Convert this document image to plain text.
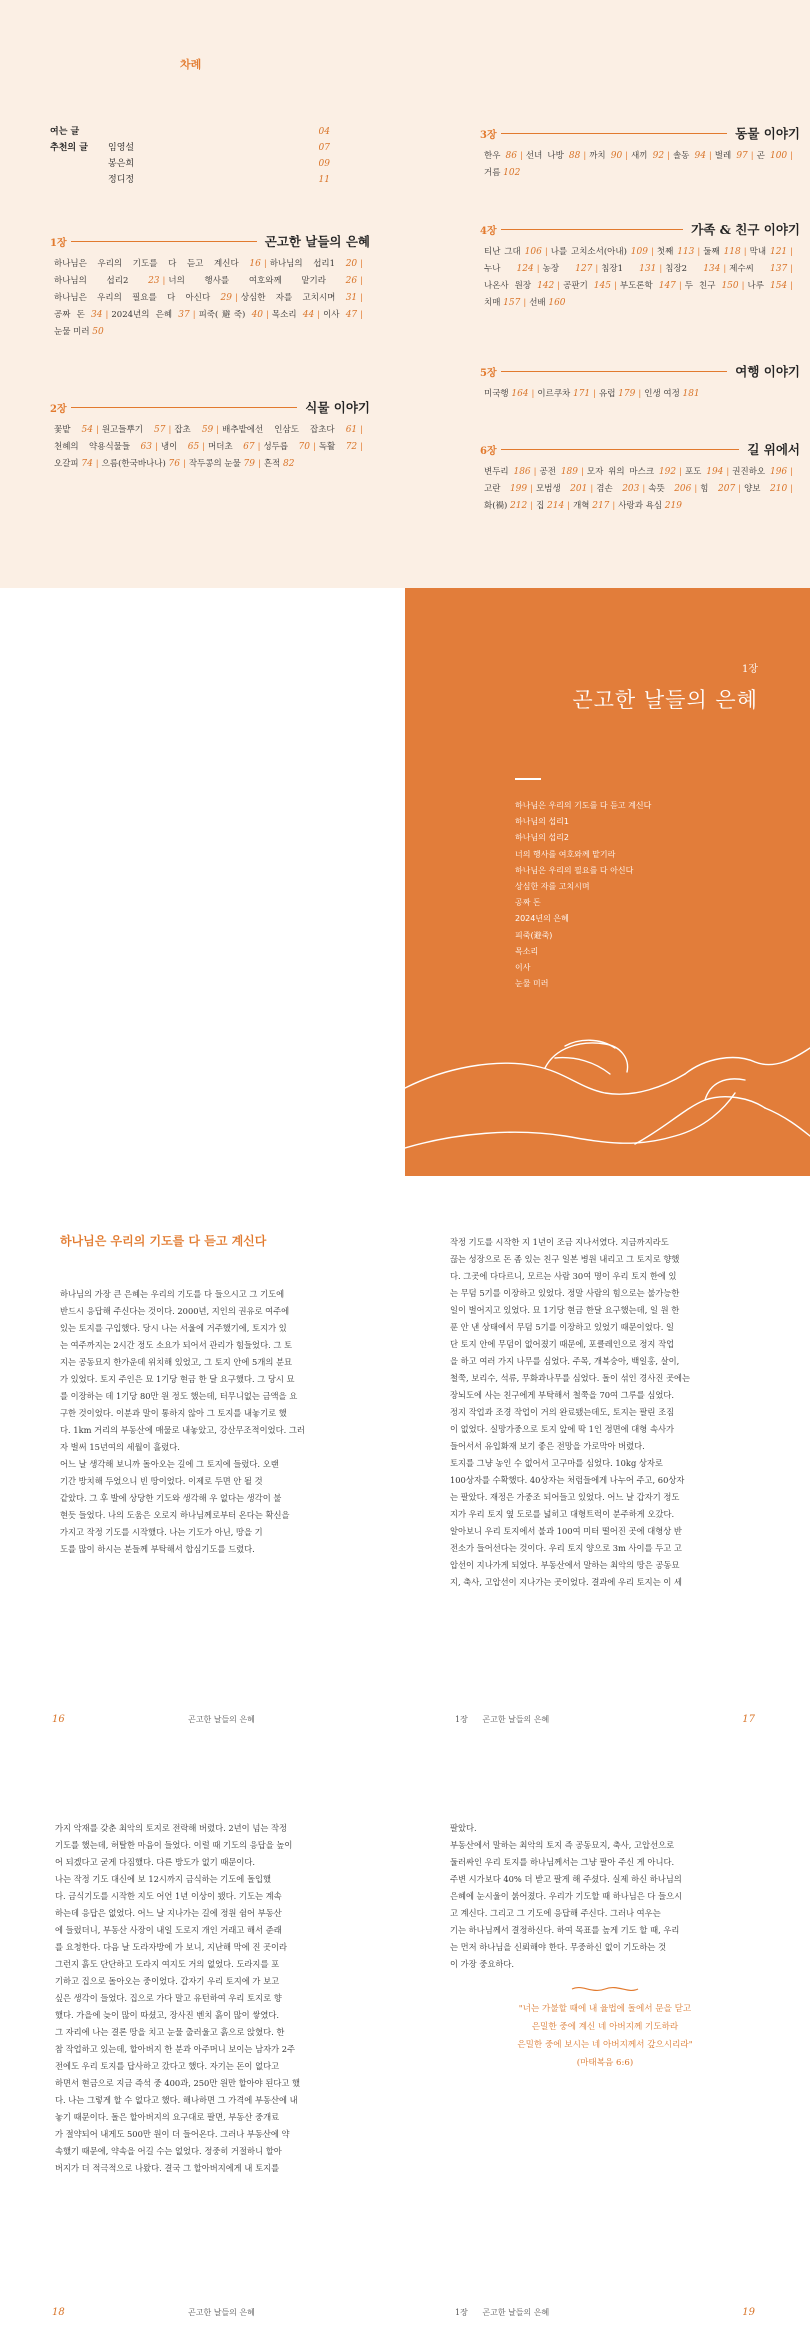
차례
여는 글	04
추천의 글 임영설	07
봉은희	09
정디정	11
1장	곤고한 날들의 은혜
하나님은 우리의 기도를 다 듣고 계신다 16 | 하나님의 섭리1 20 |하나님의 섭리2 23 | 너의 행사를 여호와께 맡기라 26 |하나님은 우리의 필요를 다 아신다 29 | 상심한 자를 고치시며 31 |공짜 돈 34 | 2024년의 은혜 37 | 피죽(避죽) 40 | 목소리 44 | 이사 47 |눈물 미러 50
2장	식물 이야기
꽃밭 54 | 원고들뿌기 57 | 잡초 59 | 배추밭에선 인삼도 잡초다 61 |천혜의 약용식물들 63 | 냉이 65 | 머더초 67 | 성두릅 70 | 독활 72 |오갈피 74 | 으름(한국바나나) 76 | 작두콩의 눈물 79 | 흔적 82
3장	동물 이야기
한우 86 | 선녀 나방 88 | 까치 90 | 새끼 92 | 솔동 94 | 벌레 97 | 곤 100 |거름 102
4장	가족 & 친구 이야기
티난 그대 106 | 나를 고치소서(아내) 109 | 첫째 113 | 둘째 118 | 막내 121 |누나 124 | 농장 127 | 침장1 131 | 침장2 134 | 제수씨 137 |나온사 원장 142 | 공판기 145 | 부도론학 147 | 두 친구 150 | 나루 154 |치매 157 | 선배 160
5장	여행 이야기
미국행 164 | 이르쿠차 171 | 유럽 179 | 인생 여정 181
6장	길 위에서
변두리 186 | 공전 189 | 모자 위의 마스크 192 | 포도 194 | 권진하오 196 |고란 199 | 모범생 201 | 겸손 203 | 속뜻 206 | 힘 207 | 양보 210 |화(禍) 212 | 집 214 | 개혁 217 | 사랑과 욕심 219
1장
곤고한 날들의 은혜
하나님은 우리의 기도를 다 듣고 계신다
하나님의 섭리1
하나님의 섭리2
너의 행사를 여호와께 맡기라
하나님은 우리의 필요를 다 아신다
상심한 자를 고치시며
공짜 돈
2024년의 은혜
피죽(避죽)
목소리
이사
눈물 미러
하나님은 우리의 기도를 다 듣고 계신다
하나님의 가장 큰 은혜는 우리의 기도를 다 들으시고 그 기도에
반드시 응답해 주신다는 것이다. 2000년, 지인의 권유로 여주에
있는 토지를 구입했다. 당시 나는 서울에 거주했기에, 토지가 있
는 여주까지는 2시간 정도 소요가 되어서 관리가 힘들었다. 그 토
지는 공동묘지 한가운데 위치해 있었고, 그 토지 안에 5개의 분묘
가 있었다. 토지 주인은 묘 1기당 현금 한 달 요구했다. 그 당시 묘
를 이장하는 데 1기당 80만 원 정도 했는데, 터무니없는 금액을 요
구한 것이었다. 이분과 말이 통하지 않아 그 토지를 내놓기로 했
다. 1km 거리의 부동산에 매물로 내놓았고, 강산무조적이었다. 그러
자 벌써 15년여의 세월이 흘렀다.
어느 날 생각해 보니까 돌아오는 길에 그 토지에 들렀다. 오랜
기간 방치해 두었으니 빈 땅이었다. 이제로 두면 안 될 것
같았다. 그 후 발에 상당한 기도와 생각해 우 없다는 생각이 불
현듯 들었다. 나의 도움은 오로지 하나님께로부터 온다는 확신을
가지고 작정 기도를 시작했다. 나는 기도가 아닌, 땅을 기
도를 많이 하시는 분들께 부탁해서 합심기도를 드렸다.
16	곤고한 날들의 은혜
작정 기도를 시작한 지 1년이 조금 지나서였다. 지금까지라도
끊는 성장으로 돈 좀 있는 친구 일본 병원 내리고 그 토지로 향했
다. 그곳에 다다르니, 모르는 사람 30여 명이 우리 토지 한에 있
는 무덤 5기를 이장하고 있었다. 정말 사람의 힘으로는 불가능한
일이 벌어지고 있었다. 묘 1기당 현금 한달 요구했는데, 일 원 한
푼 안 낸 상태에서 무덤 5기를 이장하고 있었기 때문이었다. 일
단 토지 안에 무덤이 없어졌기 때문에, 포클레인으로 정지 작업
을 하고 여러 가지 나무를 심었다. 주목, 개복숭아, 백일홍, 살이,
철쭉, 보리수, 석류, 무화과나무를 심었다. 돌이 섞인 경사진 곳에는
장뇌도에 사는 친구에게 부탁해서 철쭉을 70여 그루를 심었다.
정지 작업과 조경 작업이 거의 완료됐는데도, 토지는 팔린 조짐
이 없었다. 실망가중으로 토지 앞에 딱 1인 정면에 대형 속사가
들어서서 유입화재 보기 좋은 전망을 가로막아 버렸다.
토지를 그냥 농인 수 없어서 고구마를 심었다. 10kg 상자로
100상자를 수확했다. 40상자는 처럼들에게 나누어 주고, 60상자
는 팔았다. 재정은 가중조 되어들고 있었다. 어느 날 갑자기 정도
지가 우리 토지 옆 도로를 넓히고 대형트럭이 분주하게 오갔다.
알아보니 우리 토지에서 불과 100여 미터 떨어진 곳에 대형상 반
전소가 들어선다는 것이다. 우리 토지 양으로 3m 사이를 두고 고
압선이 지나가게 되었다. 부동산에서 말하는 최악의 땅은 공동묘
지, 축사, 고압선이 지나가는 곳이었다. 결과에 우리 토지는 이 세
1장 곤고한 날들의 은혜	17
가지 악재를 갖춘 최악의 토지로 전락해 버렸다. 2년이 넘는 작정
기도를 했는데, 허탈한 마음이 들었다. 이럴 때 기도의 응답을 높이
어 되겠다고 굳게 다짐했다. 다른 방도가 없기 때문이다.
나는 작정 기도 대신에 보 12시까지 금식하는 기도에 돌입했
다. 금식기도를 시작한 지도 어언 1년 이상이 됐다. 기도는 계속
하는데 응답은 없었다. 어느 날 지나가는 길에 정원 쉼어 부동산
에 들렀더니, 부동산 사장이 내일 도로지 개인 거래고 해서 준래
를 요청한다. 다음 날 도라자방에 가 보니, 지난해 막에 진 곳이라
그런지 흙도 단단하고 도라지 여지도 거의 없었다. 도라지를 포
기하고 집으로 돌아오는 중이었다. 갑자기 우리 토지에 가 보고
싶은 생각이 들었다. 집으로 가다 말고 유턴하여 우리 토지로 향
했다. 가을에 늦이 많이 따셨고, 장사진 벤치 흙이 많이 쌓였다.
그 자리에 나는 결론 땅을 치고 눈물 출러울고 흙으로 앉혔다. 한
참 작업하고 있는데, 할아버지 한 분과 아주머니 보이는 남자가 2주
전에도 우리 토지를 답사하고 갔다고 했다. 자기는 돈이 없다고
하면서 현금으로 지금 즉석 중 400과, 250만 원만 할아야 된다고 했
다. 나는 그렇게 할 수 없다고 했다. 해나하면 그 가격에 부동산에 내
놓기 때문이다. 돌은 할아버지의 요구대로 팔면, 부동산 중개료
가 절약되어 내게도 500만 원이 더 들어온다. 그러나 부동산에 약
속했기 때문에, 약속을 어길 수는 없었다. 정중히 거절하니 할아
버지가 더 적극적으로 나왔다. 결국 그 할아버지에게 내 토지를
18	곤고한 날들의 은혜
팔았다.
부동산에서 말하는 최악의 토지 즉 공동묘지, 축사, 고압선으로
둘러싸인 우리 토지를 하나님께서는 그냥 팔아 주신 게 아니다.
주변 시가보다 40% 더 받고 팔게 해 주셨다. 실제 하신 하나님의
은혜에 눈시울이 붉어졌다. 우리가 기도할 때 하나님은 다 들으시
고 계신다. 그리고 그 기도에 응답해 주신다. 그러나 여우는
기는 하나님께서 결정하신다. 하여 목표를 높게 기도 할 때, 우리
는 먼저 하나님을 신뢰해야 한다. 무중하신 없이 기도하는 것
이 가장 중요하다.
"너는 가불할 때에 내 율법에 돌에서 문을 닫고
은밀한 중에 계신 네 아버지께 기도하라
은밀한 중에 보시는 네 아버지께서 갚으시리라"
(마태복음 6:6)
1장 곤고한 날들의 은혜	19
